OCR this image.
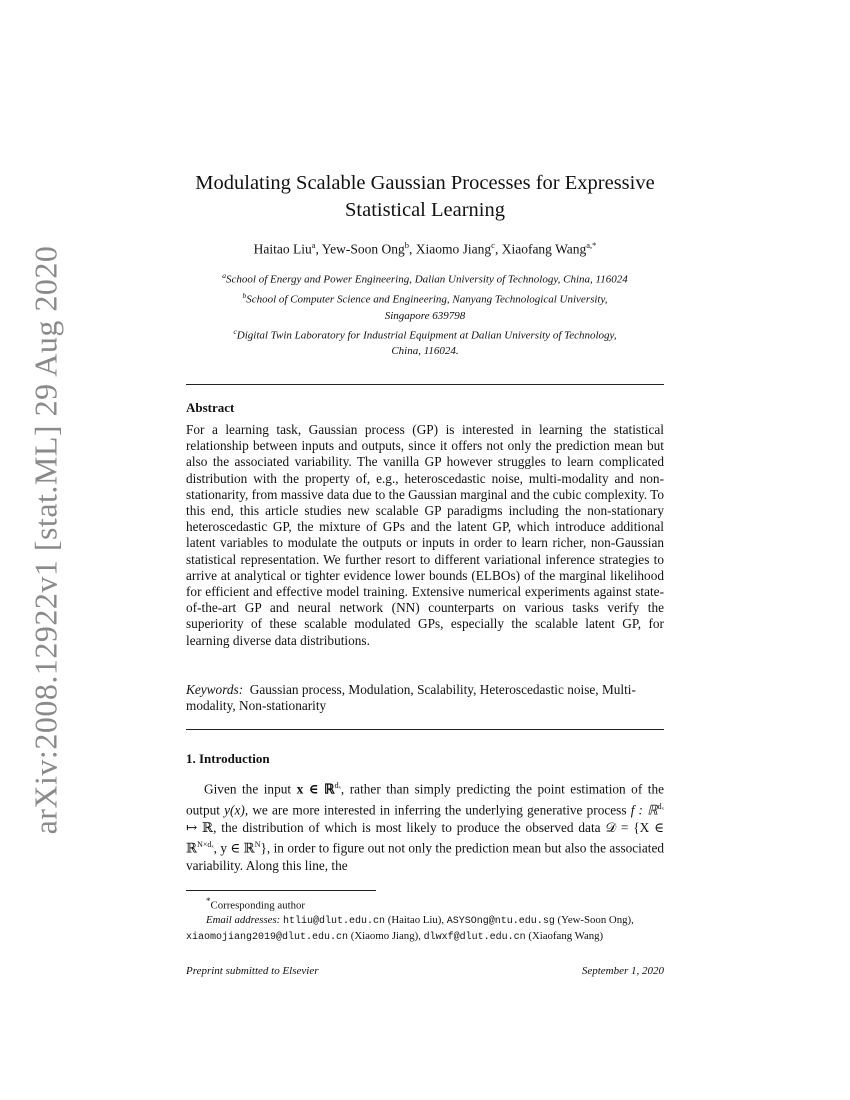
arXiv:2008.12922v1 [stat.ML] 29 Aug 2020
Modulating Scalable Gaussian Processes for Expressive
Statistical Learning
Haitao Liu$^a$, Yew-Soon Ong$^b$, Xiaomo Jiang$^c$, Xiaofang Wang$^{a,*}$
$^a$School of Energy and Power Engineering, Dalian University of Technology, China, 116024
$^b$School of Computer Science and Engineering, Nanyang Technological University,
Singapore 639798
$^c$Digital Twin Laboratory for Industrial Equipment at Dalian University of Technology,
China, 116024.
Abstract
For a learning task, Gaussian process (GP) is interested in learning the statistical relationship between inputs and outputs, since it offers not only the prediction mean but also the associated variability. The vanilla GP however struggles to learn complicated distribution with the property of, e.g., heteroscedastic noise, multi-modality and non-stationarity, from massive data due to the Gaussian marginal and the cubic complexity. To this end, this article studies new scalable GP paradigms including the non-stationary heteroscedastic GP, the mixture of GPs and the latent GP, which introduce additional latent variables to modulate the outputs or inputs in order to learn richer, non-Gaussian statistical representation. We further resort to different variational inference strategies to arrive at analytical or tighter evidence lower bounds (ELBOs) of the marginal likelihood for efficient and effective model training. Extensive numerical experiments against state-of-the-art GP and neural network (NN) counterparts on various tasks verify the superiority of these scalable modulated GPs, especially the scalable latent GP, for learning diverse data distributions.
Keywords: Gaussian process, Modulation, Scalability, Heteroscedastic noise, Multi-modality, Non-stationarity
1. Introduction
Given the input x ∈ ℝ$^{d_x}$, rather than simply predicting the point estimation of the output y(x), we are more interested in inferring the underlying generative process f : ℝ$^{d_x}$ ↦ ℝ, the distribution of which is most likely to produce the observed data 𝒟 = {X ∈ ℝ$^{N\times d_x}$, y ∈ ℝ$^N$}, in order to figure out not only the prediction mean but also the associated variability. Along this line, the
*Corresponding author
Email addresses: htliu@dlut.edu.cn (Haitao Liu), ASYSOng@ntu.edu.sg (Yew-Soon Ong), xiaomojiang2019@dlut.edu.cn (Xiaomo Jiang), dlwxf@dlut.edu.cn (Xiaofang Wang)
Preprint submitted to Elsevier	September 1, 2020
